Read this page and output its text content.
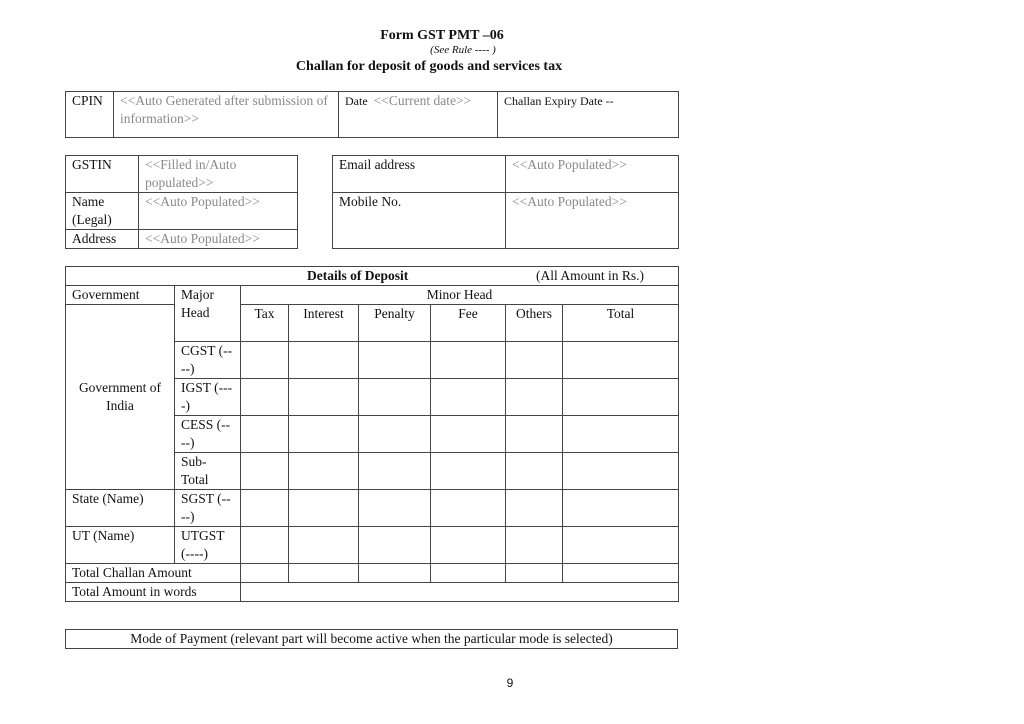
Form GST PMT –06
(See Rule ---- )
Challan for deposit of goods and services tax
CPIN	<<Auto Generated after submission of information>>	Date <<Current date>>	Challan Expiry Date --
GSTIN	<<Filled in/Auto populated>>
Name (Legal)	<<Auto Populated>>
Address	<<Auto Populated>>
Email address	<<Auto Populated>>
Mobile No.	<<Auto Populated>>
Details of Deposit (All Amount in Rs.)							

Government	Major Head	Minor Head					
Government of India		Tax	Interest	Penalty	Fee	Others	Total
	CGST (----)						
	IGST (----)						
	CESS (----)						
	Sub-Total						
State (Name)	SGST (----)						
UT (Name)	UTGST (----)						
Total Challan Amount							
Total Amount in words							
Mode of Payment (relevant part will become active when the particular mode is selected)
9
